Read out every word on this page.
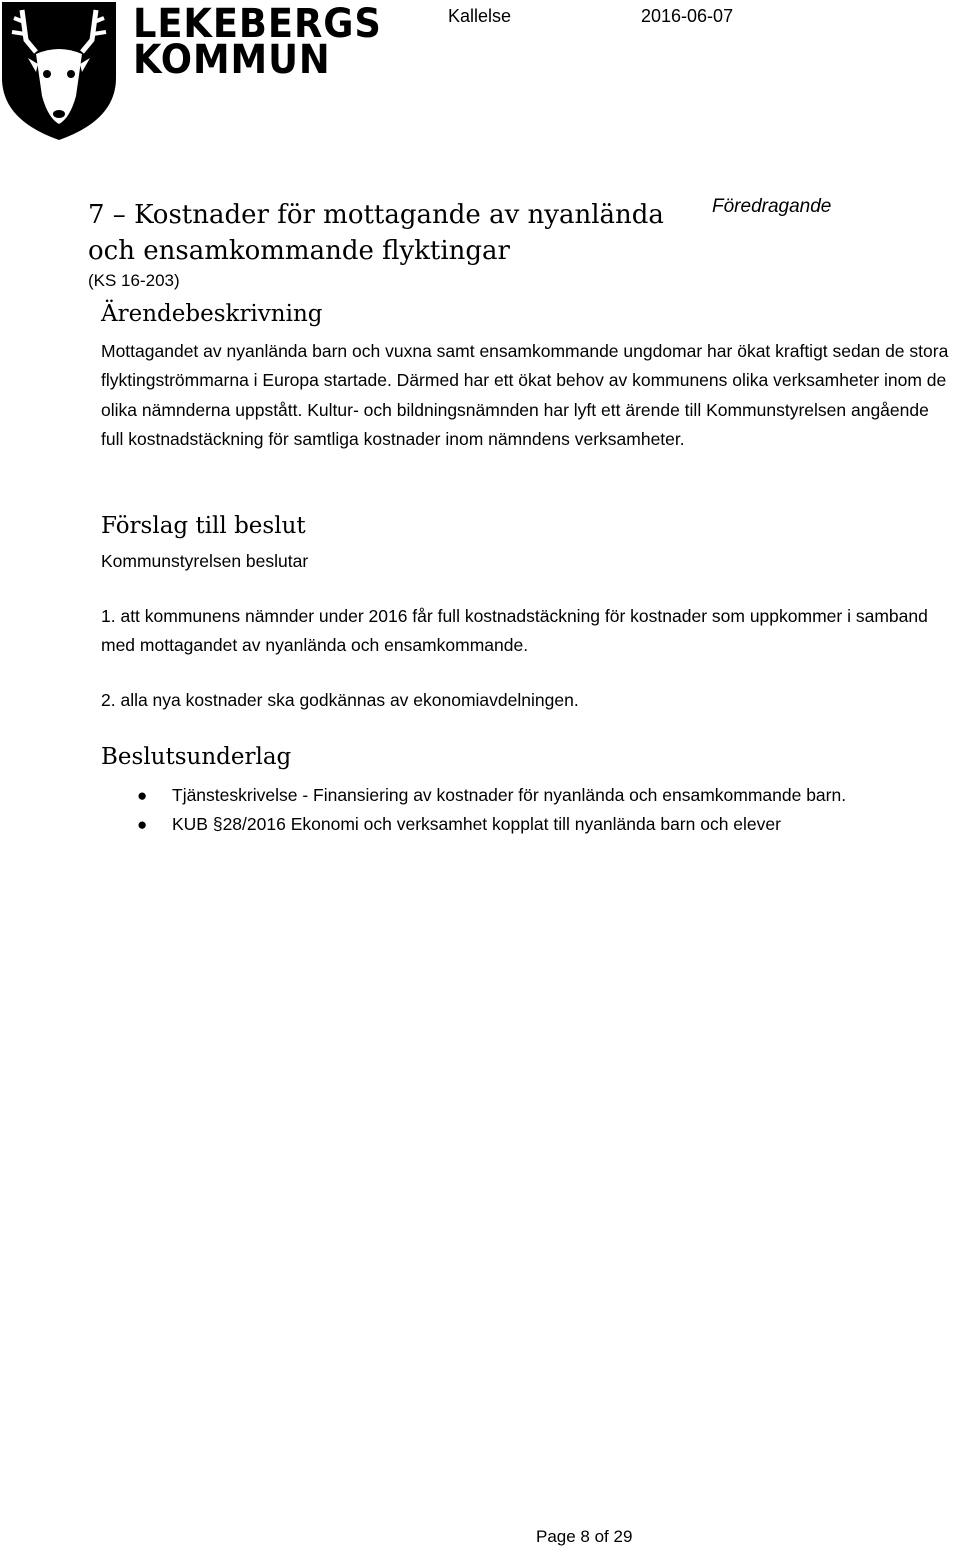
LEKEBERGS
KOMMUN
Kallelse	2016-06-07
7 – Kostnader för mottagande av nyanlända
och ensamkommande flyktingar
Föredragande
(KS 16-203)
Ärendebeskrivning
Mottagandet av nyanlända barn och vuxna samt ensamkommande ungdomar har ökat kraftigt sedan de stora flyktingströmmarna i Europa startade. Därmed har ett ökat behov av kommunens olika verksamheter inom de olika nämnderna uppstått. Kultur- och bildningsnämnden har lyft ett ärende till Kommunstyrelsen angående full kostnadstäckning för samtliga kostnader inom nämndens verksamheter.
Förslag till beslut
Kommunstyrelsen beslutar
1. att kommunens nämnder under 2016 får full kostnadstäckning för kostnader som uppkommer i samband med mottagandet av nyanlända och ensamkommande.
2. alla nya kostnader ska godkännas av ekonomiavdelningen.
Beslutsunderlag
● Tjänsteskrivelse - Finansiering av kostnader för nyanlända och ensamkommande barn.
● KUB §28/2016 Ekonomi och verksamhet kopplat till nyanlända barn och elever
Page 8 of 29
